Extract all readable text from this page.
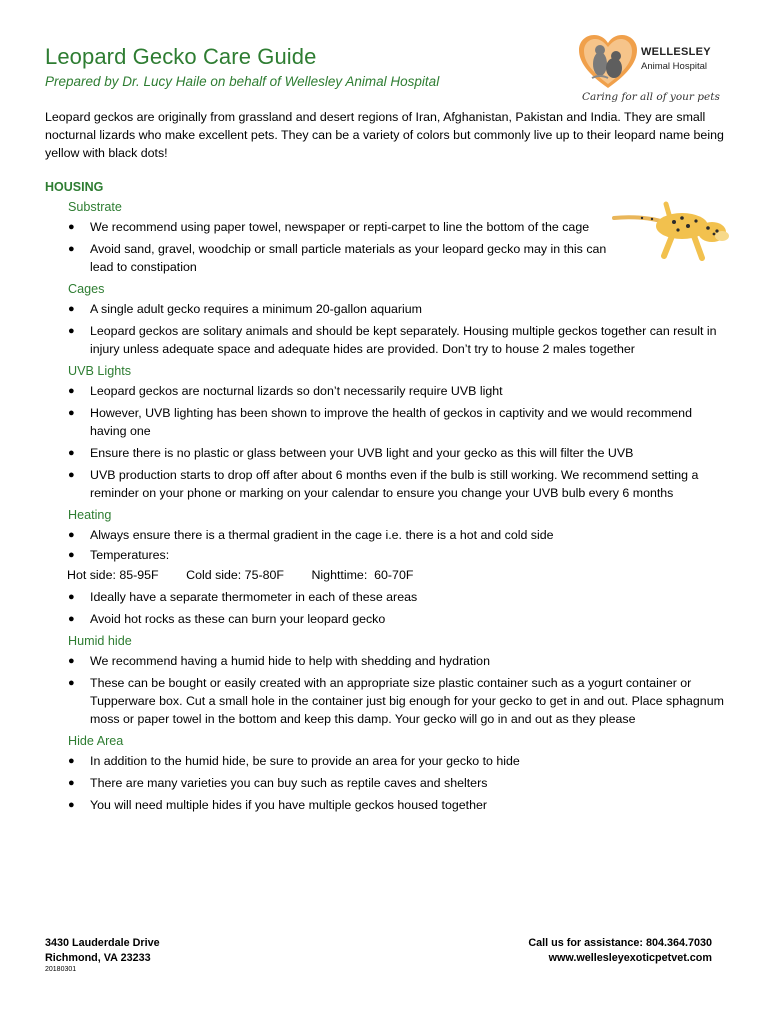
Leopard Gecko Care Guide
Prepared by Dr. Lucy Haile on behalf of Wellesley Animal Hospital
WELLESLEY
Animal Hospital
Caring for all of your pets
Leopard geckos are originally from grassland and desert regions of Iran, Afghanistan, Pakistan and India. They are small nocturnal lizards who make excellent pets. They can be a variety of colors but commonly live up to their leopard name being yellow with black dots!
HOUSING
Substrate
● We recommend using paper towel, newspaper or repti-carpet to line the bottom of the cage
● Avoid sand, gravel, woodchip or small particle materials as your leopard gecko may in this can lead to constipation
Cages
● A single adult gecko requires a minimum 20-gallon aquarium
● Leopard geckos are solitary animals and should be kept separately. Housing multiple geckos together can result in injury unless adequate space and adequate hides are provided. Don’t try to house 2 males together
UVB Lights
● Leopard geckos are nocturnal lizards so don’t necessarily require UVB light
● However, UVB lighting has been shown to improve the health of geckos in captivity and we would recommend having one
● Ensure there is no plastic or glass between your UVB light and your gecko as this will filter the UVB
● UVB production starts to drop off after about 6 months even if the bulb is still working. We recommend setting a reminder on your phone or marking on your calendar to ensure you change your UVB bulb every 6 months
Heating
● Always ensure there is a thermal gradient in the cage i.e. there is a hot and cold side
● Temperatures:
Hot side: 85-95F        Cold side: 75-80F        Nighttime:  60-70F
● Ideally have a separate thermometer in each of these areas
● Avoid hot rocks as these can burn your leopard gecko
Humid hide
● We recommend having a humid hide to help with shedding and hydration
● These can be bought or easily created with an appropriate size plastic container such as a yogurt container or Tupperware box. Cut a small hole in the container just big enough for your gecko to get in and out. Place sphagnum moss or paper towel in the bottom and keep this damp. Your gecko will go in and out as they please
Hide Area
● In addition to the humid hide, be sure to provide an area for your gecko to hide
● There are many varieties you can buy such as reptile caves and shelters
● You will need multiple hides if you have multiple geckos housed together
3430 Lauderdale Drive
Richmond, VA 23233
20180301
Call us for assistance: 804.364.7030
www.wellesleyexoticpetvet.com
